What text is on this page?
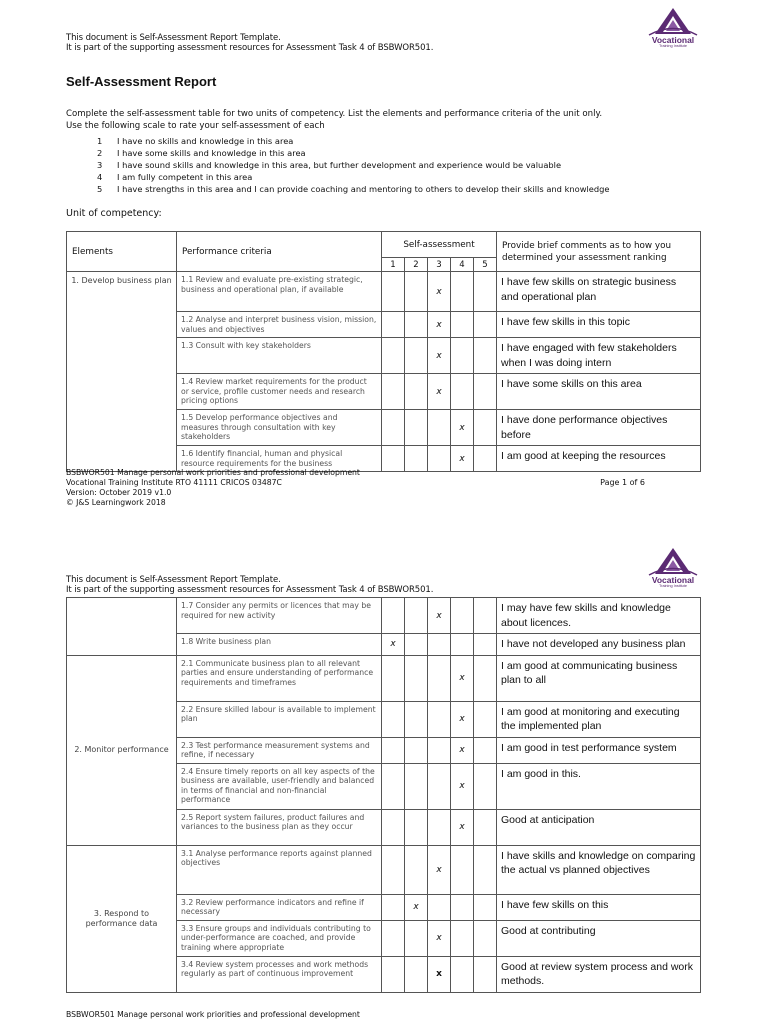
This document is Self-Assessment Report Template.
It is part of the supporting assessment resources for Assessment Task 4 of BSBWOR501.
Vocational
Training Institute
Self-Assessment Report
Complete the self-assessment table for two units of competency. List the elements and performance criteria of the unit only.
Use the following scale to rate your self-assessment of each
1 I have no skills and knowledge in this area
2 I have some skills and knowledge in this area
3 I have sound skills and knowledge in this area, but further development and experience would be valuable
4 I am fully competent in this area
5 I have strengths in this area and I can provide coaching and mentoring to others to develop their skills and knowledge
Unit of competency:
Elements	Performance criteria	Self-assessment					Provide brief comments as to how you determined your assessment ranking
		1	2	3	4	5	
1. Develop business plan	1.1 Review and evaluate pre-existing strategic, business and operational plan, if available			x			I have few skills on strategic business and operational plan
	1.2 Analyse and interpret business vision, mission, values and objectives			x			I have few skills in this topic
	1.3 Consult with key stakeholders			x			I have engaged with few stakeholders when I was doing intern
	1.4 Review market requirements for the product or service, profile customer needs and research pricing options			x			I have some skills on this area
	1.5 Develop performance objectives and measures through consultation with key stakeholders				x		I have done performance objectives before
	1.6 Identify financial, human and physical resource requirements for the business				x		I am good at keeping the resources
BSBWOR501 Manage personal work priorities and professional development
Vocational Training Institute RTO 41111 CRICOS 03487C
Version: October 2019 v1.0
© J&S Learningwork 2018
Page 1 of 6
This document is Self-Assessment Report Template.
It is part of the supporting assessment resources for Assessment Task 4 of BSBWOR501.
Vocational
Training Institute
	1.7 Consider any permits or licences that may be required for new activity			x			I may have few skills and knowledge about licences.
	1.8 Write business plan	x					I have not developed any business plan
2. Monitor performance	2.1 Communicate business plan to all relevant parties and ensure understanding of performance requirements and timeframes				x		I am good at communicating business plan to all
	2.2 Ensure skilled labour is available to implement plan				x		I am good at monitoring and executing the implemented plan
	2.3 Test performance measurement systems and refine, if necessary				x		I am good in test performance system
	2.4 Ensure timely reports on all key aspects of the business are available, user-friendly and balanced in terms of financial and non-financial performance				x		I am good in this.
	2.5 Report system failures, product failures and variances to the business plan as they occur				x		Good at anticipation
3. Respond to performance data	3.1 Analyse performance reports against planned objectives			x			I have skills and knowledge on comparing the actual vs planned objectives
	3.2 Review performance indicators and refine if necessary		x				I have few skills on this
	3.3 Ensure groups and individuals contributing to under-performance are coached, and provide training where appropriate			x			Good at contributing
	3.4 Review system processes and work methods regularly as part of continuous improvement			x			Good at review system process and work methods.
BSBWOR501 Manage personal work priorities and professional development
